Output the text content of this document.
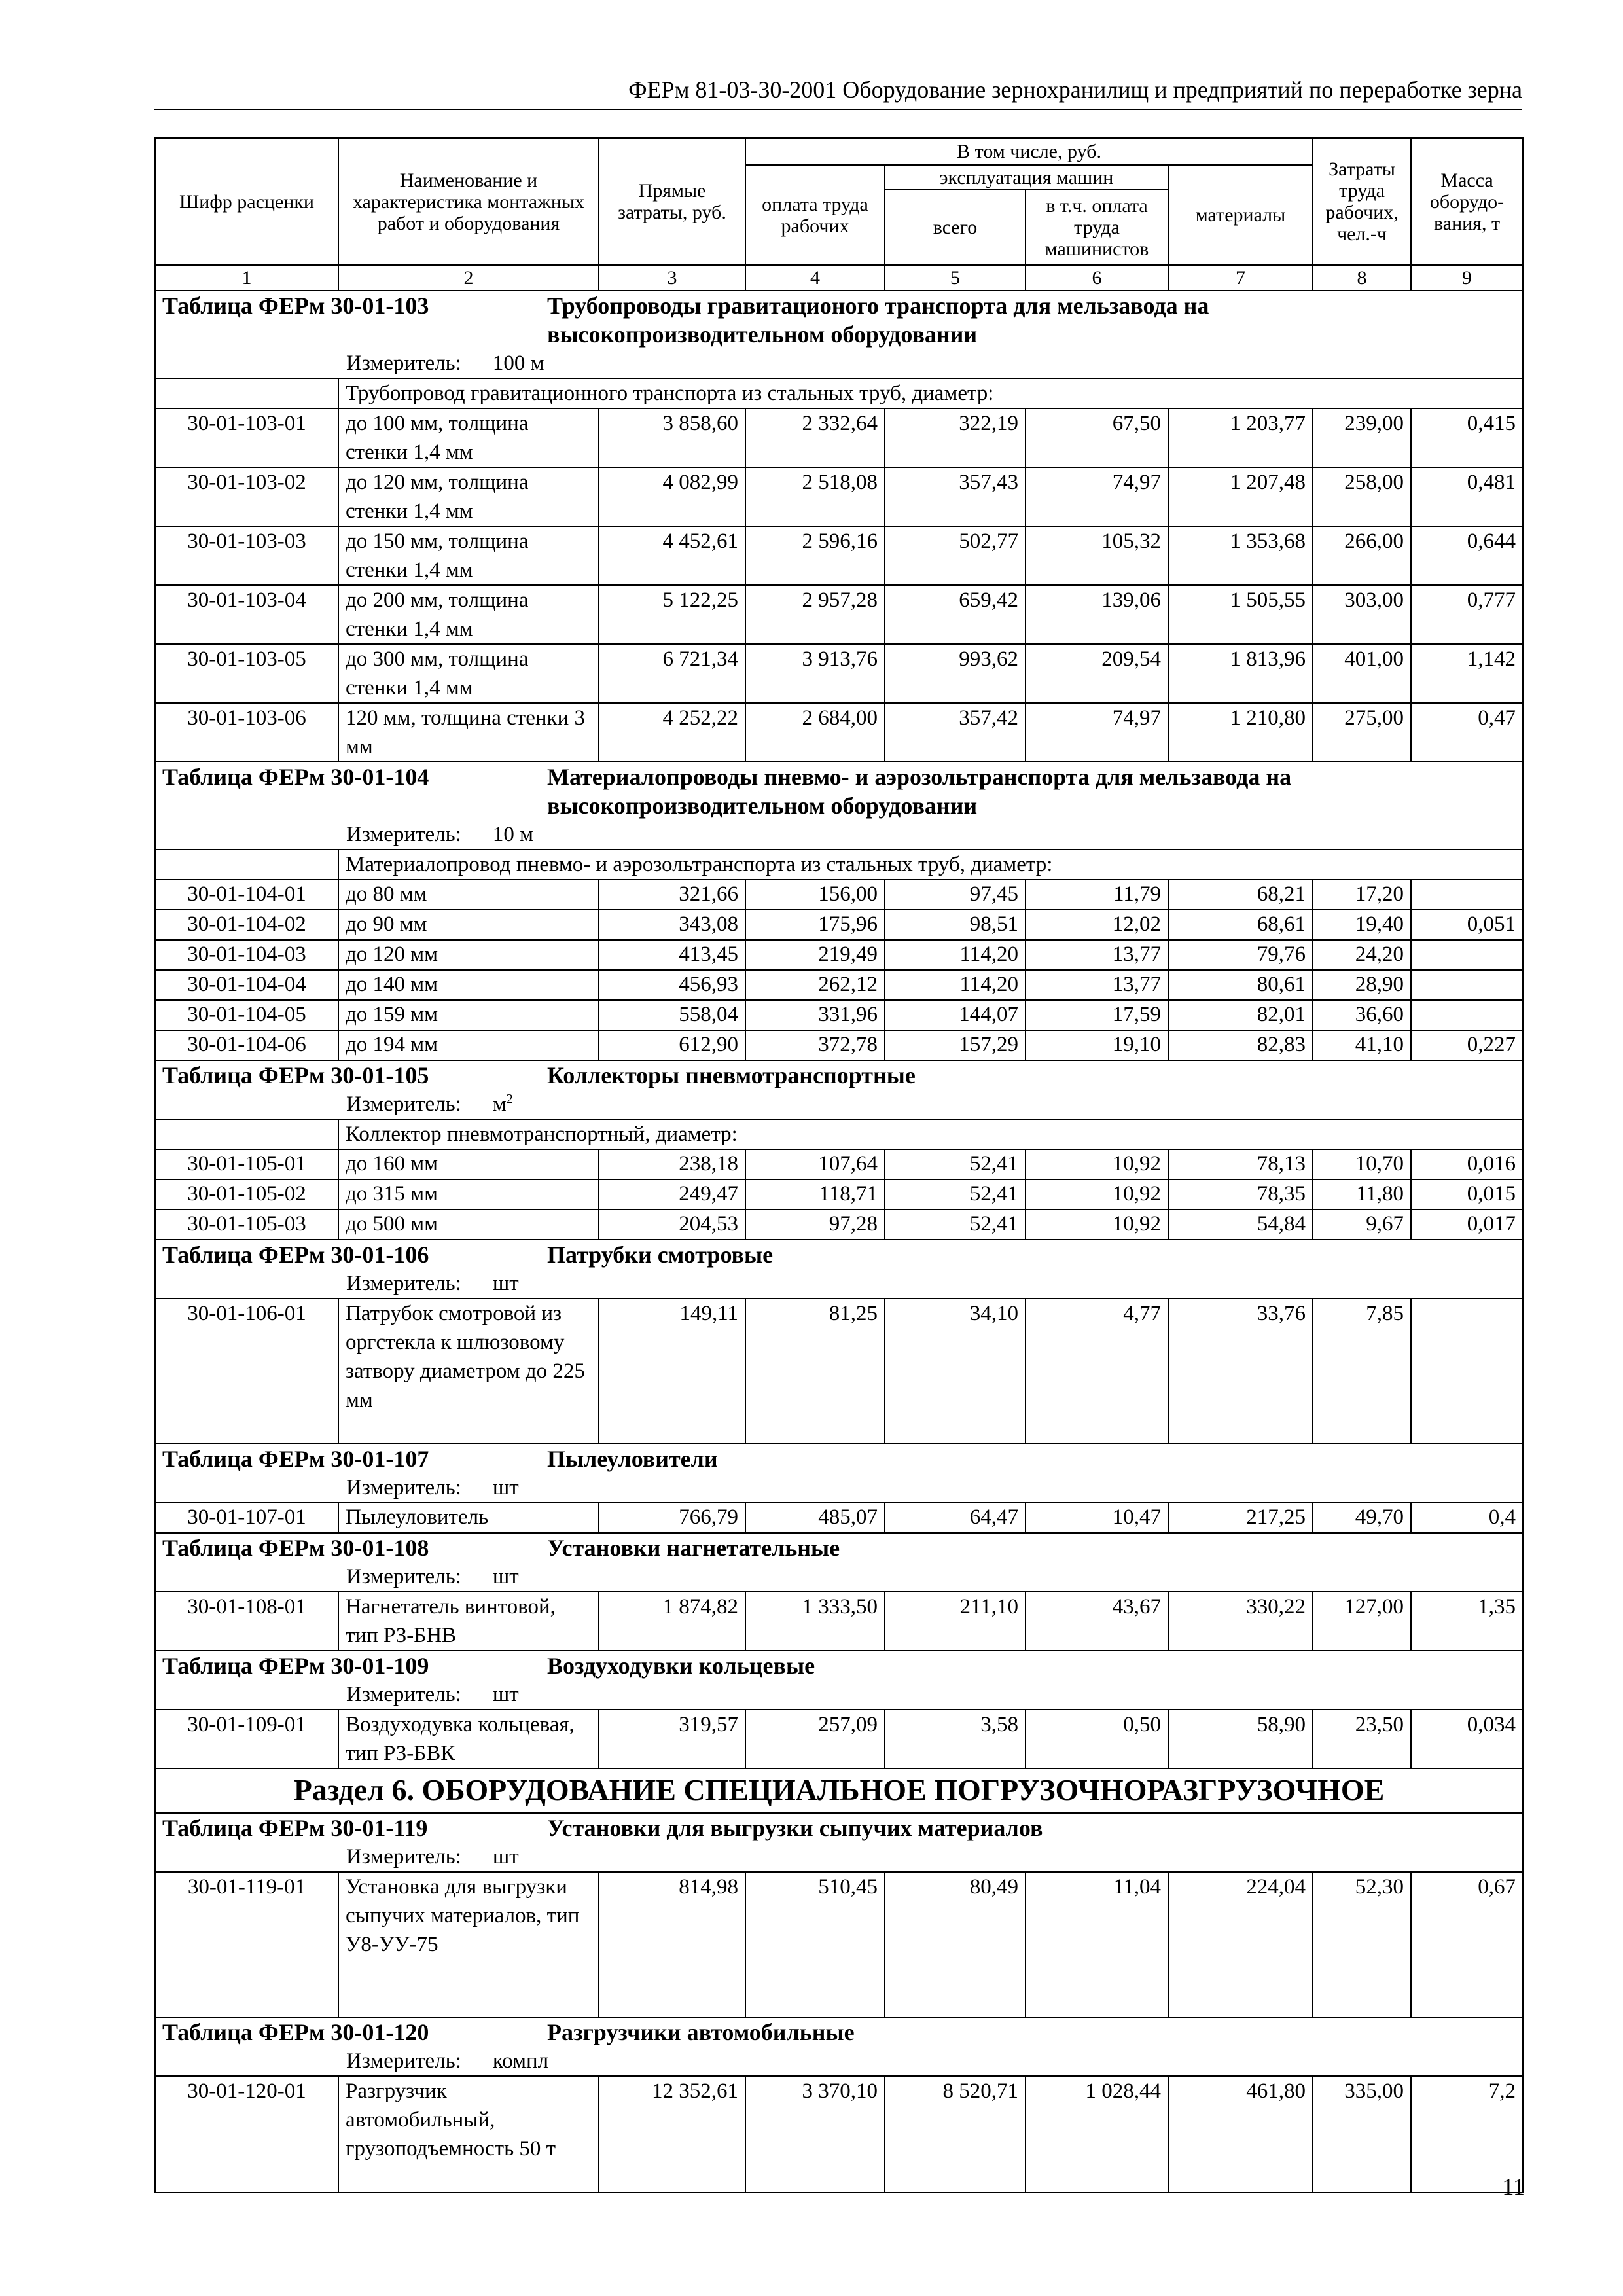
ФЕРм 81-03-30-2001 Оборудование зернохранилищ и предприятий по переработке зерна
Шифр расценки	Наименование и характеристика монтажных работ и оборудования	Прямые затраты, руб.	В том числе, руб.				Затраты труда рабочих, чел.-ч	Масса оборудо-вания, т
			оплата труда рабочих	эксплуатация машин		материалы		
				всего	в т.ч. оплата труда машинистов			
1	2	3	4	5	6	7	8	9
Таблица ФЕРм 30-01-103 Трубопроводы гравитационого транспорта для мельзавода на высокопроизводительном оборудовании								
Измеритель: 100 м								
	Трубопровод гравитационного транспорта из стальных труб, диаметр:							
30-01-103-01	до 100 мм, толщина стенки 1,4 мм	3 858,60	2 332,64	322,19	67,50	1 203,77	239,00	0,415
30-01-103-02	до 120 мм, толщина стенки 1,4 мм	4 082,99	2 518,08	357,43	74,97	1 207,48	258,00	0,481
30-01-103-03	до 150 мм, толщина стенки 1,4 мм	4 452,61	2 596,16	502,77	105,32	1 353,68	266,00	0,644
30-01-103-04	до 200 мм, толщина стенки 1,4 мм	5 122,25	2 957,28	659,42	139,06	1 505,55	303,00	0,777
30-01-103-05	до 300 мм, толщина стенки 1,4 мм	6 721,34	3 913,76	993,62	209,54	1 813,96	401,00	1,142
30-01-103-06	120 мм, толщина стенки 3 мм	4 252,22	2 684,00	357,42	74,97	1 210,80	275,00	0,47
Таблица ФЕРм 30-01-104 Материалопроводы пневмо- и аэрозольтранспорта для мельзавода на высокопроизводительном оборудовании								
Измеритель: 10 м								
	Материалопровод пневмо- и аэрозольтранспорта из стальных труб, диаметр:							
30-01-104-01	до 80 мм	321,66	156,00	97,45	11,79	68,21	17,20	
30-01-104-02	до 90 мм	343,08	175,96	98,51	12,02	68,61	19,40	0,051
30-01-104-03	до 120 мм	413,45	219,49	114,20	13,77	79,76	24,20	
30-01-104-04	до 140 мм	456,93	262,12	114,20	13,77	80,61	28,90	
30-01-104-05	до 159 мм	558,04	331,96	144,07	17,59	82,01	36,60	
30-01-104-06	до 194 мм	612,90	372,78	157,29	19,10	82,83	41,10	0,227
Таблица ФЕРм 30-01-105 Коллекторы пневмотранспортные								
Измеритель: $м^2$
	Коллектор пневмотранспортный, диаметр:							
30-01-105-01	до 160 мм	238,18	107,64	52,41	10,92	78,13	10,70	0,016
30-01-105-02	до 315 мм	249,47	118,71	52,41	10,92	78,35	11,80	0,015
30-01-105-03	до 500 мм	204,53	97,28	52,41	10,92	54,84	9,67	0,017
Таблица ФЕРм 30-01-106 Патрубки смотровые								
Измеритель: шт								
30-01-106-01	Патрубок смотровой из оргстекла к шлюзовому затвору диаметром до 225 мм	149,11	81,25	34,10	4,77	33,76	7,85	
Таблица ФЕРм 30-01-107 Пылеуловители								
Измеритель: шт								
30-01-107-01	Пылеуловитель	766,79	485,07	64,47	10,47	217,25	49,70	0,4
Таблица ФЕРм 30-01-108 Установки нагнетательные								
Измеритель: шт								
30-01-108-01	Нагнетатель винтовой, тип РЗ-БНВ	1 874,82	1 333,50	211,10	43,67	330,22	127,00	1,35
Таблица ФЕРм 30-01-109 Воздуходувки кольцевые								
Измеритель: шт								
30-01-109-01	Воздуходувка кольцевая, тип РЗ-БВК	319,57	257,09	3,58	0,50	58,90	23,50	0,034
Раздел 6. ОБОРУДОВАНИЕ СПЕЦИАЛЬНОЕ ПОГРУЗОЧНОРАЗГРУЗОЧНОЕ								
Таблица ФЕРм 30-01-119 Установки для выгрузки сыпучих материалов								
Измеритель: шт								
30-01-119-01	Установка для выгрузки сыпучих материалов, тип У8-УУ-75	814,98	510,45	80,49	11,04	224,04	52,30	0,67
Таблица ФЕРм 30-01-120 Разгрузчики автомобильные								
Измеритель: компл								
30-01-120-01	Разгрузчик автомобильный, грузоподъемность 50 т	12 352,61	3 370,10	8 520,71	1 028,44	461,80	335,00	7,2
11
